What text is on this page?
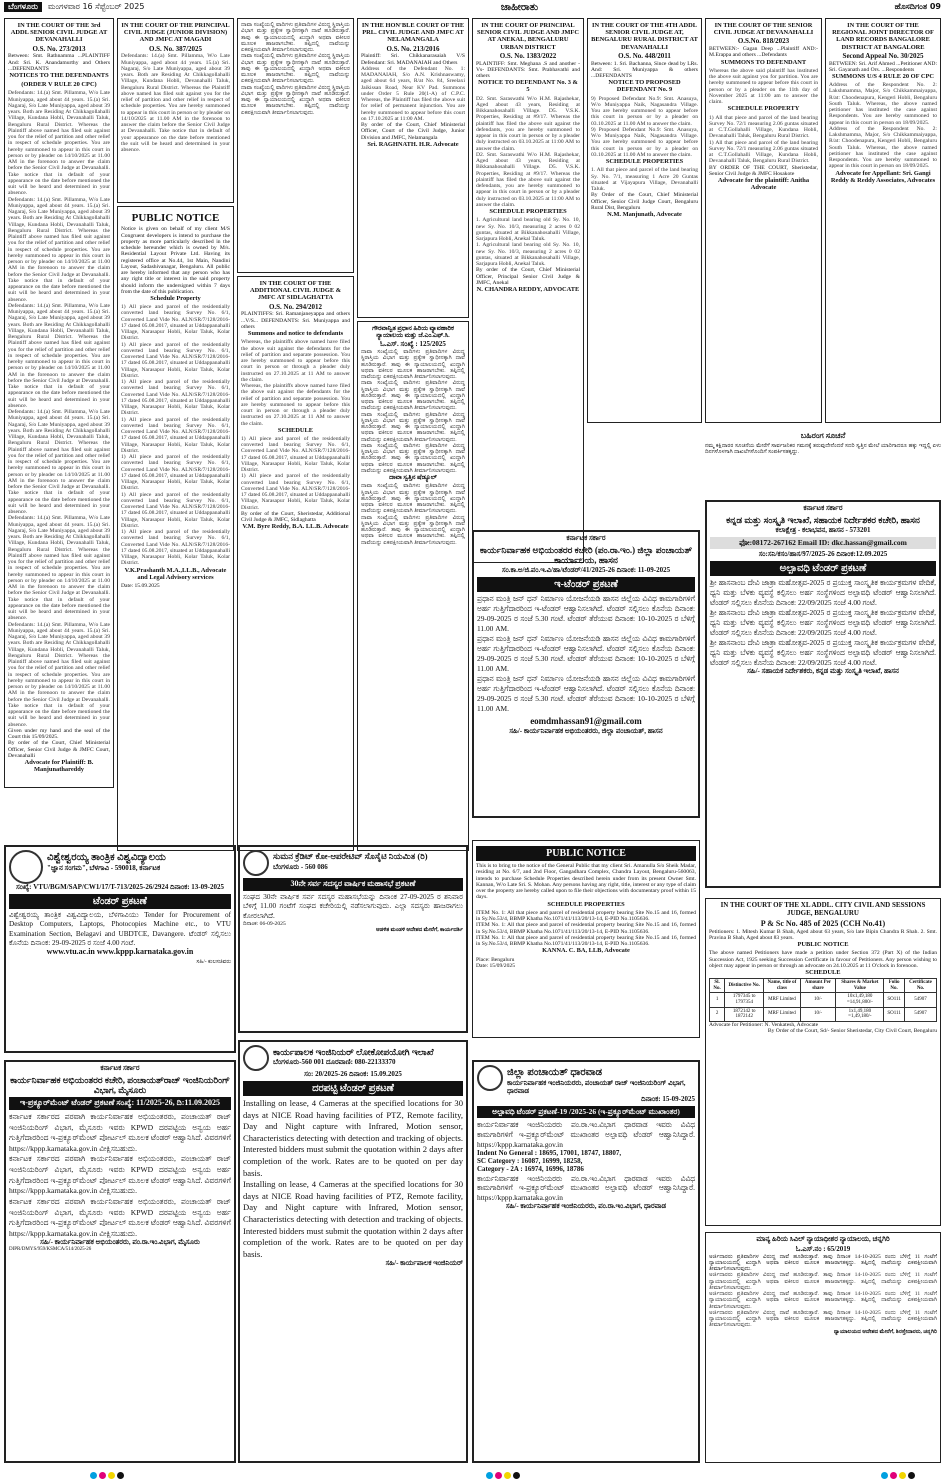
ಬೆಂಗಳೂರು	ಮಂಗಳವಾರ 16 ಸೆಪ್ಟೆಂಬರ್ 2025	ಜಾಹೀರಾತು	ಹೊಸದಿಗಂತ 09
IN THE COURT OF THE 3rd ADDL SENIOR CIVIL JUDGE AT DEVANAHALLI
O.S. No. 273/2013
Between: Smt. Rathnamma ...PLAINTIFF And: Sri. K. Anandamurthy and Others ...DEFENDANTS
NOTICES TO THE DEFENDANTS
(ORDER V RULE 20 CPC)
Defendants: 14.(a) Smt. Pillamma, W/o Late Muniyappa, aged about 44 years. 15.(a) Sri. Nagaraj, S/o Late Muniyappa, aged about 39 years. Both are Residing At Chikkagollahalli Village, Kundana Hobli, Devanahalli Taluk, Bengaluru Rural District. Whereas the Plaintiff above named has filed suit against you for the relief of partition and other relief in respect of schedule properties. You are hereby summoned to appear in this court in person or by pleader on 14/10/2025 at 11.00 AM in the forenoon to answer the claim before the Senior Civil Judge at Devanahalli. Take notice that in default of your appearance on the date before mentioned the suit will be heard and determined in your absence.
Defendants: 14.(a) Smt. Pillamma, W/o Late Muniyappa, aged about 44 years. 15.(a) Sri. Nagaraj, S/o Late Muniyappa, aged about 39 years. Both are Residing At Chikkagollahalli Village, Kundana Hobli, Devanahalli Taluk, Bengaluru Rural District. Whereas the Plaintiff above named has filed suit against you for the relief of partition and other relief in respect of schedule properties. You are hereby summoned to appear in this court in person or by pleader on 14/10/2025 at 11.00 AM in the forenoon to answer the claim before the Senior Civil Judge at Devanahalli. Take notice that in default of your appearance on the date before mentioned the suit will be heard and determined in your absence.
Defendants: 14.(a) Smt. Pillamma, W/o Late Muniyappa, aged about 44 years. 15.(a) Sri. Nagaraj, S/o Late Muniyappa, aged about 39 years. Both are Residing At Chikkagollahalli Village, Kundana Hobli, Devanahalli Taluk, Bengaluru Rural District. Whereas the Plaintiff above named has filed suit against you for the relief of partition and other relief in respect of schedule properties. You are hereby summoned to appear in this court in person or by pleader on 14/10/2025 at 11.00 AM in the forenoon to answer the claim before the Senior Civil Judge at Devanahalli. Take notice that in default of your appearance on the date before mentioned the suit will be heard and determined in your absence.
Defendants: 14.(a) Smt. Pillamma, W/o Late Muniyappa, aged about 44 years. 15.(a) Sri. Nagaraj, S/o Late Muniyappa, aged about 39 years. Both are Residing At Chikkagollahalli Village, Kundana Hobli, Devanahalli Taluk, Bengaluru Rural District. Whereas the Plaintiff above named has filed suit against you for the relief of partition and other relief in respect of schedule properties. You are hereby summoned to appear in this court in person or by pleader on 14/10/2025 at 11.00 AM in the forenoon to answer the claim before the Senior Civil Judge at Devanahalli. Take notice that in default of your appearance on the date before mentioned the suit will be heard and determined in your absence.
Defendants: 14.(a) Smt. Pillamma, W/o Late Muniyappa, aged about 44 years. 15.(a) Sri. Nagaraj, S/o Late Muniyappa, aged about 39 years. Both are Residing At Chikkagollahalli Village, Kundana Hobli, Devanahalli Taluk, Bengaluru Rural District. Whereas the Plaintiff above named has filed suit against you for the relief of partition and other relief in respect of schedule properties. You are hereby summoned to appear in this court in person or by pleader on 14/10/2025 at 11.00 AM in the forenoon to answer the claim before the Senior Civil Judge at Devanahalli. Take notice that in default of your appearance on the date before mentioned the suit will be heard and determined in your absence.
Defendants: 14.(a) Smt. Pillamma, W/o Late Muniyappa, aged about 44 years. 15.(a) Sri. Nagaraj, S/o Late Muniyappa, aged about 39 years. Both are Residing At Chikkagollahalli Village, Kundana Hobli, Devanahalli Taluk, Bengaluru Rural District. Whereas the Plaintiff above named has filed suit against you for the relief of partition and other relief in respect of schedule properties. You are hereby summoned to appear in this court in person or by pleader on 14/10/2025 at 11.00 AM in the forenoon to answer the claim before the Senior Civil Judge at Devanahalli. Take notice that in default of your appearance on the date before mentioned the suit will be heard and determined in your absence.
Given under my hand and the seal of the Court this 15/09/2025.
By order of the Court, Chief Ministerial Officer, Senior Civil Judge & JMFC Court, Devanahalli
Advocate for Plaintiff: B. Manjunathareddy
IN THE COURT OF THE PRINCIPAL CIVIL JUDGE (JUNIOR DIVISION) AND JMFC AT MAGADI
O.S. No. 387/2025
Defendants: 14.(a) Smt. Pillamma, W/o Late Muniyappa, aged about 44 years. 15.(a) Sri. Nagaraj, S/o Late Muniyappa, aged about 39 years. Both are Residing At Chikkagollahalli Village, Kundana Hobli, Devanahalli Taluk, Bengaluru Rural District. Whereas the Plaintiff above named has filed suit against you for the relief of partition and other relief in respect of schedule properties. You are hereby summoned to appear in this court in person or by pleader on 14/10/2025 at 11.00 AM in the forenoon to answer the claim before the Senior Civil Judge at Devanahalli. Take notice that in default of your appearance on the date before mentioned the suit will be heard and determined in your absence.
PUBLIC NOTICE
Notice is given on behalf of my client M/S Congruent developers is intend to purchase the property as more particularly described in the schedule hereunder which is owned by M/s. Residential Layout Private Ltd. Having its registered office at No.44, 1st Main, Nandini Layout, Sadashivanagar, Bengaluru. All public are hereby informed that any person who has any right title or interest in the said property should inform the undersigned within 7 days from the date of this publication.
Schedule Property
1) All piece and parcel of the residentially converted land bearing Survey No. 6/1, Converted Land Vide No. ALN/SR/7/128/2016-17 dated 05.08.2017, situated at Uddappanahalli Village, Narasapur Hobli, Kolar Taluk, Kolar District.
1) All piece and parcel of the residentially converted land bearing Survey No. 6/1, Converted Land Vide No. ALN/SR/7/128/2016-17 dated 05.08.2017, situated at Uddappanahalli Village, Narasapur Hobli, Kolar Taluk, Kolar District.
1) All piece and parcel of the residentially converted land bearing Survey No. 6/1, Converted Land Vide No. ALN/SR/7/128/2016-17 dated 05.08.2017, situated at Uddappanahalli Village, Narasapur Hobli, Kolar Taluk, Kolar District.
1) All piece and parcel of the residentially converted land bearing Survey No. 6/1, Converted Land Vide No. ALN/SR/7/128/2016-17 dated 05.08.2017, situated at Uddappanahalli Village, Narasapur Hobli, Kolar Taluk, Kolar District.
1) All piece and parcel of the residentially converted land bearing Survey No. 6/1, Converted Land Vide No. ALN/SR/7/128/2016-17 dated 05.08.2017, situated at Uddappanahalli Village, Narasapur Hobli, Kolar Taluk, Kolar District.
1) All piece and parcel of the residentially converted land bearing Survey No. 6/1, Converted Land Vide No. ALN/SR/7/128/2016-17 dated 05.08.2017, situated at Uddappanahalli Village, Narasapur Hobli, Kolar Taluk, Kolar District.
1) All piece and parcel of the residentially converted land bearing Survey No. 6/1, Converted Land Vide No. ALN/SR/7/128/2016-17 dated 05.08.2017, situated at Uddappanahalli Village, Narasapur Hobli, Kolar Taluk, Kolar District.
V.K.Prashanth M.A.,LL.B., Advocate and Legal Advisory services
Date: 15.09.2025
ದಾವಾ ಸಂಖ್ಯೆಯಲ್ಲಿ ವಾದಿಗಳು ಪ್ರತಿವಾದಿಗಳ ವಿರುದ್ಧ ಸ್ಥಿರಾಸ್ತಿಯ ವಿಭಾಗ ಮತ್ತು ಪ್ರತ್ಯೇಕ ಸ್ವಾಧೀನಕ್ಕಾಗಿ ದಾವೆ ಹೂಡಿರುತ್ತಾರೆ. ತಾವು ಈ ನ್ಯಾಯಾಲಯದಲ್ಲಿ ಖುದ್ದಾಗಿ ಅಥವಾ ವಕೀಲರ ಮೂಲಕ ಹಾಜರಾಗಬೇಕು. ತಪ್ಪಿದಲ್ಲಿ ದಾವೆಯನ್ನು ಏಕಪಕ್ಷೀಯವಾಗಿ ತೀರ್ಮಾನಿಸಲಾಗುವುದು.
ದಾವಾ ಸಂಖ್ಯೆಯಲ್ಲಿ ವಾದಿಗಳು ಪ್ರತಿವಾದಿಗಳ ವಿರುದ್ಧ ಸ್ಥಿರಾಸ್ತಿಯ ವಿಭಾಗ ಮತ್ತು ಪ್ರತ್ಯೇಕ ಸ್ವಾಧೀನಕ್ಕಾಗಿ ದಾವೆ ಹೂಡಿರುತ್ತಾರೆ. ತಾವು ಈ ನ್ಯಾಯಾಲಯದಲ್ಲಿ ಖುದ್ದಾಗಿ ಅಥವಾ ವಕೀಲರ ಮೂಲಕ ಹಾಜರಾಗಬೇಕು. ತಪ್ಪಿದಲ್ಲಿ ದಾವೆಯನ್ನು ಏಕಪಕ್ಷೀಯವಾಗಿ ತೀರ್ಮಾನಿಸಲಾಗುವುದು.
ದಾವಾ ಸಂಖ್ಯೆಯಲ್ಲಿ ವಾದಿಗಳು ಪ್ರತಿವಾದಿಗಳ ವಿರುದ್ಧ ಸ್ಥಿರಾಸ್ತಿಯ ವಿಭಾಗ ಮತ್ತು ಪ್ರತ್ಯೇಕ ಸ್ವಾಧೀನಕ್ಕಾಗಿ ದಾವೆ ಹೂಡಿರುತ್ತಾರೆ. ತಾವು ಈ ನ್ಯಾಯಾಲಯದಲ್ಲಿ ಖುದ್ದಾಗಿ ಅಥವಾ ವಕೀಲರ ಮೂಲಕ ಹಾಜರಾಗಬೇಕು. ತಪ್ಪಿದಲ್ಲಿ ದಾವೆಯನ್ನು ಏಕಪಕ್ಷೀಯವಾಗಿ ತೀರ್ಮಾನಿಸಲಾಗುವುದು.
IN THE COURT OF THE ADDITIONAL CIVIL JUDGE & JMFC AT SIDLAGHATTA
O.S. No. 294/2012
PLAINTIFFS: Sri. Ramanjaneyappa and others ...V/S... DEFENDANTS: Sri. Muniyappa and others
Summons and notice to defendants
Whereas, the plaintiffs above named have filed the above suit against the defendants for the relief of partition and separate possession. You are hereby summoned to appear before this court in person or through a pleader duly instructed on 27.10.2025 at 11 AM to answer the claim.
Whereas, the plaintiffs above named have filed the above suit against the defendants for the relief of partition and separate possession. You are hereby summoned to appear before this court in person or through a pleader duly instructed on 27.10.2025 at 11 AM to answer the claim.
SCHEDULE
1) All piece and parcel of the residentially converted land bearing Survey No. 6/1, Converted Land Vide No. ALN/SR/7/128/2016-17 dated 05.08.2017, situated at Uddappanahalli Village, Narasapur Hobli, Kolar Taluk, Kolar District.
1) All piece and parcel of the residentially converted land bearing Survey No. 6/1, Converted Land Vide No. ALN/SR/7/128/2016-17 dated 05.08.2017, situated at Uddappanahalli Village, Narasapur Hobli, Kolar Taluk, Kolar District.
By order of the Court, Sheristedar, Additional Civil Judge & JMFC, Sidlaghatta
V.M. Byre Reddy, B.A. LL.B. Advocate
IN THE HON'BLE COURT OF THE PRL. CIVIL JUDGE AND JMFC AT NELAMANGALA
O.S. No. 213/2016
Plaintiff: Sri. Chikkanarasaiah V/S Defendant: Sri. MADANAIAH and Others
Address of the Defendant No. 1: MADANAIAH, S/o A.N. Krishnaswamy, aged about 64 years, R/at No. 84, Sreelaxi Jaikissan Road, Near KV Pad. Summons under Order 5 Rule 20(1-A) of C.P.C. Whereas, the Plaintiff has filed the above suit for relief of permanent injunction. You are hereby summoned to appear before this court on 17.10.2025 at 11:00 AM.
By order of the Court, Chief Ministerial Officer, Court of the Civil Judge, Junior Division and JMFC, Nelamangala
Sri. RAGHNATH. H.R. Advocate
ಗೌರವಾನ್ವಿತ ಪ್ರಧಾನ ಹಿರಿಯ ವ್ಯಾವಹಾರಿಕ ನ್ಯಾಯಾಲಯ ಮತ್ತು ಜೆ.ಎಂ.ಎಫ್.ಸಿ.
ಓ.ಎಸ್. ಸಂಖ್ಯೆ : 125/2025
ದಾವಾ ಸಂಖ್ಯೆಯಲ್ಲಿ ವಾದಿಗಳು ಪ್ರತಿವಾದಿಗಳ ವಿರುದ್ಧ ಸ್ಥಿರಾಸ್ತಿಯ ವಿಭಾಗ ಮತ್ತು ಪ್ರತ್ಯೇಕ ಸ್ವಾಧೀನಕ್ಕಾಗಿ ದಾವೆ ಹೂಡಿರುತ್ತಾರೆ. ತಾವು ಈ ನ್ಯಾಯಾಲಯದಲ್ಲಿ ಖುದ್ದಾಗಿ ಅಥವಾ ವಕೀಲರ ಮೂಲಕ ಹಾಜರಾಗಬೇಕು. ತಪ್ಪಿದಲ್ಲಿ ದಾವೆಯನ್ನು ಏಕಪಕ್ಷೀಯವಾಗಿ ತೀರ್ಮಾನಿಸಲಾಗುವುದು.
ದಾವಾ ಸಂಖ್ಯೆಯಲ್ಲಿ ವಾದಿಗಳು ಪ್ರತಿವಾದಿಗಳ ವಿರುದ್ಧ ಸ್ಥಿರಾಸ್ತಿಯ ವಿಭಾಗ ಮತ್ತು ಪ್ರತ್ಯೇಕ ಸ್ವಾಧೀನಕ್ಕಾಗಿ ದಾವೆ ಹೂಡಿರುತ್ತಾರೆ. ತಾವು ಈ ನ್ಯಾಯಾಲಯದಲ್ಲಿ ಖುದ್ದಾಗಿ ಅಥವಾ ವಕೀಲರ ಮೂಲಕ ಹಾಜರಾಗಬೇಕು. ತಪ್ಪಿದಲ್ಲಿ ದಾವೆಯನ್ನು ಏಕಪಕ್ಷೀಯವಾಗಿ ತೀರ್ಮಾನಿಸಲಾಗುವುದು.
ದಾವಾ ಸಂಖ್ಯೆಯಲ್ಲಿ ವಾದಿಗಳು ಪ್ರತಿವಾದಿಗಳ ವಿರುದ್ಧ ಸ್ಥಿರಾಸ್ತಿಯ ವಿಭಾಗ ಮತ್ತು ಪ್ರತ್ಯೇಕ ಸ್ವಾಧೀನಕ್ಕಾಗಿ ದಾವೆ ಹೂಡಿರುತ್ತಾರೆ. ತಾವು ಈ ನ್ಯಾಯಾಲಯದಲ್ಲಿ ಖುದ್ದಾಗಿ ಅಥವಾ ವಕೀಲರ ಮೂಲಕ ಹಾಜರಾಗಬೇಕು. ತಪ್ಪಿದಲ್ಲಿ ದಾವೆಯನ್ನು ಏಕಪಕ್ಷೀಯವಾಗಿ ತೀರ್ಮಾನಿಸಲಾಗುವುದು.
ದಾವಾ ಸಂಖ್ಯೆಯಲ್ಲಿ ವಾದಿಗಳು ಪ್ರತಿವಾದಿಗಳ ವಿರುದ್ಧ ಸ್ಥಿರಾಸ್ತಿಯ ವಿಭಾಗ ಮತ್ತು ಪ್ರತ್ಯೇಕ ಸ್ವಾಧೀನಕ್ಕಾಗಿ ದಾವೆ ಹೂಡಿರುತ್ತಾರೆ. ತಾವು ಈ ನ್ಯಾಯಾಲಯದಲ್ಲಿ ಖುದ್ದಾಗಿ ಅಥವಾ ವಕೀಲರ ಮೂಲಕ ಹಾಜರಾಗಬೇಕು. ತಪ್ಪಿದಲ್ಲಿ ದಾವೆಯನ್ನು ಏಕಪಕ್ಷೀಯವಾಗಿ ತೀರ್ಮಾನಿಸಲಾಗುವುದು.
ದಾವಾ ಸ್ವತ್ತಿನ ಷೆಡ್ಯೂಲ್
ದಾವಾ ಸಂಖ್ಯೆಯಲ್ಲಿ ವಾದಿಗಳು ಪ್ರತಿವಾದಿಗಳ ವಿರುದ್ಧ ಸ್ಥಿರಾಸ್ತಿಯ ವಿಭಾಗ ಮತ್ತು ಪ್ರತ್ಯೇಕ ಸ್ವಾಧೀನಕ್ಕಾಗಿ ದಾವೆ ಹೂಡಿರುತ್ತಾರೆ. ತಾವು ಈ ನ್ಯಾಯಾಲಯದಲ್ಲಿ ಖುದ್ದಾಗಿ ಅಥವಾ ವಕೀಲರ ಮೂಲಕ ಹಾಜರಾಗಬೇಕು. ತಪ್ಪಿದಲ್ಲಿ ದಾವೆಯನ್ನು ಏಕಪಕ್ಷೀಯವಾಗಿ ತೀರ್ಮಾನಿಸಲಾಗುವುದು.
ದಾವಾ ಸಂಖ್ಯೆಯಲ್ಲಿ ವಾದಿಗಳು ಪ್ರತಿವಾದಿಗಳ ವಿರುದ್ಧ ಸ್ಥಿರಾಸ್ತಿಯ ವಿಭಾಗ ಮತ್ತು ಪ್ರತ್ಯೇಕ ಸ್ವಾಧೀನಕ್ಕಾಗಿ ದಾವೆ ಹೂಡಿರುತ್ತಾರೆ. ತಾವು ಈ ನ್ಯಾಯಾಲಯದಲ್ಲಿ ಖುದ್ದಾಗಿ ಅಥವಾ ವಕೀಲರ ಮೂಲಕ ಹಾಜರಾಗಬೇಕು. ತಪ್ಪಿದಲ್ಲಿ ದಾವೆಯನ್ನು ಏಕಪಕ್ಷೀಯವಾಗಿ ತೀರ್ಮಾನಿಸಲಾಗುವುದು.
IN THE COURT OF PRINCIPAL SENIOR CIVIL JUDGE AND JMFC AT ANEKAL, BENGALURU URBAN DISTRICT
O.S. No. 1383/2022
PLAINTIFF: Smt. Meghana .S and another -Vs- DEFENDANTS: Smt. Prabhavathi and others
NOTICE TO DEFENDANT No. 3 & 5
D2. Smt. Saraswathi W/o H.M. Rajashekar, Aged about 43 years, Residing at Bikkanahosahalli Village. D5. V.S.K. Properties, Residing at #9/17. Whereas the plaintiff has filed the above suit against the defendants, you are hereby summoned to appear in this court in person or by a pleader duly instructed on 03.10.2025 at 11:00 AM to answer the claim.
D2. Smt. Saraswathi W/o H.M. Rajashekar, Aged about 43 years, Residing at Bikkanahosahalli Village. D5. V.S.K. Properties, Residing at #9/17. Whereas the plaintiff has filed the above suit against the defendants, you are hereby summoned to appear in this court in person or by a pleader duly instructed on 03.10.2025 at 11:00 AM to answer the claim.
SCHEDULE PROPERTIES
1. Agricultural land bearing old Sy. No. 10, new Sy. No. 10/3, measuring 2 acres 0 02 guntas, situated at Bikkanahosahalli Village, Sarjapura Hobli, Anekal Taluk.
1. Agricultural land bearing old Sy. No. 10, new Sy. No. 10/3, measuring 2 acres 0 02 guntas, situated at Bikkanahosahalli Village, Sarjapura Hobli, Anekal Taluk.
By order of the Court, Chief Ministerial Officer, Principal Senior Civil Judge & JMFC, Anekal
N. CHANDRA REDDY, ADVOCATE
IN THE COURT OF THE 4TH ADDL SENIOR CIVIL JUDGE AT, BENGALURU RURAL DISTRICT AT DEVANAHALLI
O.S. No. 448/2011
Between: 1. Sri. Bachanna, Since dead by LRs. And: Sri. Muniyappa & others ...DEFENDANTS
NOTICE TO PROPOSED DEFENDANT No. 9
9) Proposed Defendant No.9: Smt. Anasuya, W/o Muniyappa Naik, Nagasandra Village. You are hereby summoned to appear before this court in person or by a pleader on 03.10.2025 at 11.00 AM to answer the claim.
9) Proposed Defendant No.9: Smt. Anasuya, W/o Muniyappa Naik, Nagasandra Village. You are hereby summoned to appear before this court in person or by a pleader on 03.10.2025 at 11.00 AM to answer the claim.
SCHEDULE PROPERTIES
1. All that piece and parcel of the land bearing Sy. No. 7/1, measuring 1 Acre 20 Guntas situated at Vijayapura Village, Devanahalli Taluk.
By Order of the Court, Chief Ministerial Officer, Senior Civil Judge Court, Bengaluru Rural Dist, Bengaluru
N.M. Manjunath, Advocate
IN THE COURT OF THE SENIOR CIVIL JUDGE AT DEVANAHALLI
O.S.No. 818/2023
BETWEEN:- Gagan Deep ...Plaintiff AND:- M.Erappa and others ...Defendants
SUMMONS TO DEFENDANT
Whereas the above said plaintiff has instituted the above suit against you for partition. You are hereby summoned to appear before this court in person or by a pleader on the 11th day of November 2025 at 11:00 am to answer the claim.
SCHEDULE PROPERTY
1) All that piece and parcel of the land bearing Survey No. 72/1 measuring 2.06 guntas situated at C.T.Gollahalli Village, Kundana Hobli, Devanahalli Taluk, Bengaluru Rural District.
1) All that piece and parcel of the land bearing Survey No. 72/1 measuring 2.06 guntas situated at C.T.Gollahalli Village, Kundana Hobli, Devanahalli Taluk, Bengaluru Rural District.
BY ORDER OF THE COURT, Sheristedar, Senior Civil Judge & JMFC Hosakote
Advocate for the plaintiff: Anitha Advocate
IN THE COURT OF THE REGIONAL JOINT DIRECTOR OF LAND RECORDS BANGALORE DISTRICT AT BANGALORE
Second Appeal No. 30/2025
BETWEEN: Sri. Arif Ahmed ...Petitioner AND: Sri. Gayanath and Ors. ...Respondents
SUMMONS U/S 4 RULE 20 OF CPC
Address of the Respondent No. 2: Lakshmamma, Major, S/o Chikkammaiyappa, R/at: Choodenapura, Kengeri Hobli, Bengaluru South Taluk. Whereas, the above named petitioner has instituted the case against Respondents. You are hereby summoned to appear in this court in person on 18/09/2025.
Address of the Respondent No. 2: Lakshmamma, Major, S/o Chikkammaiyappa, R/at: Choodenapura, Kengeri Hobli, Bengaluru South Taluk. Whereas, the above named petitioner has instituted the case against Respondents. You are hereby summoned to appear in this court in person on 18/09/2025.
Advocate for Appellant: Sri. Gangi Reddy & Reddy Associates, Advocates
ಬಹಿರಂಗ ಸೂಚನೆ
ನಮ್ಮ ಕಕ್ಷಿದಾರರ ಸೂಚನೆಯ ಮೇರೆಗೆ ಸಾರ್ವಜನಿಕರ ಗಮನಕ್ಕೆ ತರುವುದೇನೆಂದರೆ ಸದರಿ ಸ್ವತ್ತಿನ ಮೇಲೆ ಯಾರಿಗಾದರೂ ಹಕ್ಕು ಇದ್ದಲ್ಲಿ ಏಳು ದಿನಗಳೊಳಗಾಗಿ ದಾಖಲೆಗಳೊಂದಿಗೆ ಸಂಪರ್ಕಿಸತಕ್ಕದ್ದು.
ಕರ್ನಾಟಕ ಸರ್ಕಾರ
ಕಾರ್ಯನಿರ್ವಾಹಕ ಅಭಿಯಂತರರ ಕಚೇರಿ (ಪಂ.ರಾ.ಇಂ.) ಜಿಲ್ಲಾ ಪಂಚಾಯತ್ ಕಾರ್ಯಾಲಯ, ಹಾಸನ
ಸಂ.ಕಾ.ಅ/ಜಿ.ಪಂ.ಇ.ವಿ/ಹಾ/ಟೆಂಡರ್/41/2025-26 ದಿನಾಂಕ: 11-09-2025
ಇ-ಟೆಂಡರ್ ಪ್ರಕಟಣೆ
ಪ್ರಧಾನ ಮಂತ್ರಿ ಜನ್ ಧನ್ ನಿರ್ಮಾಣ ಯೋಜನೆಯಡಿ ಹಾಸನ ಜಿಲ್ಲೆಯ ವಿವಿಧ ಕಾಮಗಾರಿಗಳಿಗೆ ಅರ್ಹ ಗುತ್ತಿಗೆದಾರರಿಂದ ಇ-ಟೆಂಡರ್ ಆಹ್ವಾನಿಸಲಾಗಿದೆ. ಟೆಂಡರ್ ಸಲ್ಲಿಸಲು ಕೊನೆಯ ದಿನಾಂಕ: 29-09-2025 ರ ಸಂಜೆ 5.30 ಗಂಟೆ. ಟೆಂಡರ್ ತೆರೆಯುವ ದಿನಾಂಕ: 10-10-2025 ರ ಬೆಳಿಗ್ಗೆ 11.00 AM.
ಪ್ರಧಾನ ಮಂತ್ರಿ ಜನ್ ಧನ್ ನಿರ್ಮಾಣ ಯೋಜನೆಯಡಿ ಹಾಸನ ಜಿಲ್ಲೆಯ ವಿವಿಧ ಕಾಮಗಾರಿಗಳಿಗೆ ಅರ್ಹ ಗುತ್ತಿಗೆದಾರರಿಂದ ಇ-ಟೆಂಡರ್ ಆಹ್ವಾನಿಸಲಾಗಿದೆ. ಟೆಂಡರ್ ಸಲ್ಲಿಸಲು ಕೊನೆಯ ದಿನಾಂಕ: 29-09-2025 ರ ಸಂಜೆ 5.30 ಗಂಟೆ. ಟೆಂಡರ್ ತೆರೆಯುವ ದಿನಾಂಕ: 10-10-2025 ರ ಬೆಳಿಗ್ಗೆ 11.00 AM.
ಪ್ರಧಾನ ಮಂತ್ರಿ ಜನ್ ಧನ್ ನಿರ್ಮಾಣ ಯೋಜನೆಯಡಿ ಹಾಸನ ಜಿಲ್ಲೆಯ ವಿವಿಧ ಕಾಮಗಾರಿಗಳಿಗೆ ಅರ್ಹ ಗುತ್ತಿಗೆದಾರರಿಂದ ಇ-ಟೆಂಡರ್ ಆಹ್ವಾನಿಸಲಾಗಿದೆ. ಟೆಂಡರ್ ಸಲ್ಲಿಸಲು ಕೊನೆಯ ದಿನಾಂಕ: 29-09-2025 ರ ಸಂಜೆ 5.30 ಗಂಟೆ. ಟೆಂಡರ್ ತೆರೆಯುವ ದಿನಾಂಕ: 10-10-2025 ರ ಬೆಳಿಗ್ಗೆ 11.00 AM.
eomdmhassan91@gmail.com
ಸಹಿ/- ಕಾರ್ಯನಿರ್ವಾಹಕ ಅಭಿಯಂತರರು, ಜಿಲ್ಲಾ ಪಂಚಾಯತ್, ಹಾಸನ
ಕರ್ನಾಟಕ ಸರ್ಕಾರ
ಕನ್ನಡ ಮತ್ತು ಸಂಸ್ಕೃತಿ ಇಲಾಖೆ, ಸಹಾಯಕ ನಿರ್ದೇಶಕರ ಕಚೇರಿ, ಹಾಸನ
ಕಲಾಕ್ಷೇತ್ರ - ಕಲಾಭವನ, ಹಾಸನ - 573201
ಫೋ:08172-267162 Email ID: dkc.hassan@gmail.com
ಸಂ:ಸನಿ/ಕಸಂ/ಹಾಸ/97/2025-26 ದಿನಾಂಕ:12.09.2025
ಅಲ್ಪಾವಧಿ ಟೆಂಡರ್ ಪ್ರಕಟಣೆ
ಶ್ರೀ ಹಾಸನಾಂಬ ದೇವಿ ಜಾತ್ರಾ ಮಹೋತ್ಸವ-2025 ರ ಪ್ರಯುಕ್ತ ಸಾಂಸ್ಕೃತಿಕ ಕಾರ್ಯಕ್ರಮಗಳ ವೇದಿಕೆ, ಧ್ವನಿ ಮತ್ತು ಬೆಳಕು ವ್ಯವಸ್ಥೆ ಕಲ್ಪಿಸಲು ಅರ್ಹ ಸಂಸ್ಥೆಗಳಿಂದ ಅಲ್ಪಾವಧಿ ಟೆಂಡರ್ ಆಹ್ವಾನಿಸಲಾಗಿದೆ. ಟೆಂಡರ್ ಸಲ್ಲಿಸಲು ಕೊನೆಯ ದಿನಾಂಕ: 22/09/2025 ಸಂಜೆ 4.00 ಗಂಟೆ.
ಶ್ರೀ ಹಾಸನಾಂಬ ದೇವಿ ಜಾತ್ರಾ ಮಹೋತ್ಸವ-2025 ರ ಪ್ರಯುಕ್ತ ಸಾಂಸ್ಕೃತಿಕ ಕಾರ್ಯಕ್ರಮಗಳ ವೇದಿಕೆ, ಧ್ವನಿ ಮತ್ತು ಬೆಳಕು ವ್ಯವಸ್ಥೆ ಕಲ್ಪಿಸಲು ಅರ್ಹ ಸಂಸ್ಥೆಗಳಿಂದ ಅಲ್ಪಾವಧಿ ಟೆಂಡರ್ ಆಹ್ವಾನಿಸಲಾಗಿದೆ. ಟೆಂಡರ್ ಸಲ್ಲಿಸಲು ಕೊನೆಯ ದಿನಾಂಕ: 22/09/2025 ಸಂಜೆ 4.00 ಗಂಟೆ.
ಶ್ರೀ ಹಾಸನಾಂಬ ದೇವಿ ಜಾತ್ರಾ ಮಹೋತ್ಸವ-2025 ರ ಪ್ರಯುಕ್ತ ಸಾಂಸ್ಕೃತಿಕ ಕಾರ್ಯಕ್ರಮಗಳ ವೇದಿಕೆ, ಧ್ವನಿ ಮತ್ತು ಬೆಳಕು ವ್ಯವಸ್ಥೆ ಕಲ್ಪಿಸಲು ಅರ್ಹ ಸಂಸ್ಥೆಗಳಿಂದ ಅಲ್ಪಾವಧಿ ಟೆಂಡರ್ ಆಹ್ವಾನಿಸಲಾಗಿದೆ. ಟೆಂಡರ್ ಸಲ್ಲಿಸಲು ಕೊನೆಯ ದಿನಾಂಕ: 22/09/2025 ಸಂಜೆ 4.00 ಗಂಟೆ.
ಸಹಿ/- ಸಹಾಯಕ ನಿರ್ದೇಶಕರು, ಕನ್ನಡ ಮತ್ತು ಸಂಸ್ಕೃತಿ ಇಲಾಖೆ, ಹಾಸನ
PUBLIC NOTICE
This is to bring to the notice of the General Public that my client Sri. Amanulla S/o Sheik Madar, residing at No. 6/7, and 2nd Floor, Gangadhara Complex, Chandra Layout, Bengaluru-560063, intends to purchase Schedule Properties described herein under from its present Owner Smt. Kannan, W/o Late Sri. S. Mohan. Any persons having any right, title, interest or any type of claim over the property are hereby called upon to file their objections with documentary proof within 15 days.
SCHEDULE PROPERTIES
ITEM No. 1: All that piece and parcel of residential property bearing Site No.15 and 16, formed in Sy.No.53/4, BBMP Khatha No.1071/41/113/20/13-14, E-PID No.1105636.
ITEM No. 1: All that piece and parcel of residential property bearing Site No.15 and 16, formed in Sy.No.53/4, BBMP Khatha No.1071/41/113/20/13-14, E-PID No.1105636.
ITEM No. 1: All that piece and parcel of residential property bearing Site No.15 and 16, formed in Sy.No.53/4, BBMP Khatha No.1071/41/113/20/13-14, E-PID No.1105636.
KANNA. C. BA, LLB, Advocate
Place: Bengaluru
Date: 15/09/2025
ವಿಶ್ವೇಶ್ವರಯ್ಯ ತಾಂತ್ರಿಕ ವಿಶ್ವವಿದ್ಯಾಲಯ
"ಜ್ಞಾನ ಸಂಗಮ", ಬೆಳಗಾವಿ - 590018, ಕರ್ನಾಟಕ
ಸಂಖ್ಯೆ: VTU/BGM/SAP/CW1/17/T-713/2025-26/2924 ದಿನಾಂಕ: 13-09-2025
ಟೆಂಡರ್ ಪ್ರಕಟಣೆ
ವಿಶ್ವೇಶ್ವರಯ್ಯ ತಾಂತ್ರಿಕ ವಿಶ್ವವಿದ್ಯಾಲಯ, ಬೆಳಗಾವಿಯು Tender for Procurement of Desktop Computers, Laptops, Photocopies Machine etc., to VTU Examination Section, Belagavi and UBDTCE, Davangere. ಟೆಂಡರ್ ಸಲ್ಲಿಸಲು ಕೊನೆಯ ದಿನಾಂಕ: 29-09-2025 ರ ಸಂಜೆ 4.00 ಗಂಟೆ.
www.vtu.ac.in www.kppp.karnataka.gov.in
ಸಹಿ/- ಕುಲಸಚಿವರು
ಸುಮನ ಕ್ರೆಡಿಟ್ ಕೋ-ಆಪರೇಟಿವ್ ಸೊಸೈಟಿ ನಿಯಮಿತ (ರಿ)
ಬೆಂಗಳೂರು - 560 086
30ನೇ ಸರ್ವ ಸದಸ್ಯರ ವಾರ್ಷಿಕ ಮಹಾಸಭೆ ಪ್ರಕಟಣೆ
ಸಂಘದ 30ನೇ ವಾರ್ಷಿಕ ಸರ್ವ ಸದಸ್ಯರ ಮಹಾಸಭೆಯನ್ನು ದಿನಾಂಕ 27-09-2025 ರ ಶನಿವಾರ ಬೆಳಿಗ್ಗೆ 11.00 ಗಂಟೆಗೆ ಸಂಘದ ಕಚೇರಿಯಲ್ಲಿ ನಡೆಸಲಾಗುವುದು. ಎಲ್ಲಾ ಸದಸ್ಯರು ಹಾಜರಾಗಲು ಕೋರಲಾಗಿದೆ.
ದಿನಾಂಕ: 06-09-2025
ಆಡಳಿತ ಮಂಡಳಿ ಆದೇಶದ ಮೇರೆಗೆ, ಕಾರ್ಯದರ್ಶಿ
ಕಾರ್ಯಪಾಲಕ ಇಂಜಿನಿಯರ್ ಲೋಕೋಪಯೋಗಿ ಇಲಾಖೆ
ಬೆಂಗಳೂರು-560 001 ದೂರವಾಣಿ: 080-22133370
ಸಂ: 20/2025-26 ದಿನಾಂಕ: 15.09.2025
ದರಪಟ್ಟಿ ಟೆಂಡರ್ ಪ್ರಕಟಣೆ
Installing on lease, 4 Cameras at the specified locations for 30 days at NICE Road having facilities of PTZ, Remote facility, Day and Night capture with Infrared, Motion sensor, Characteristics detecting with detection and tracking of objects. Interested bidders must submit the quotation within 2 days after completion of the work. Rates are to be quoted on per day basis.
Installing on lease, 4 Cameras at the specified locations for 30 days at NICE Road having facilities of PTZ, Remote facility, Day and Night capture with Infrared, Motion sensor, Characteristics detecting with detection and tracking of objects. Interested bidders must submit the quotation within 2 days after completion of the work. Rates are to be quoted on per day basis.
ಸಹಿ/- ಕಾರ್ಯಪಾಲಕ ಇಂಜಿನಿಯರ್
ಕರ್ನಾಟಕ ಸರ್ಕಾರ
ಕಾರ್ಯನಿರ್ವಾಹಕ ಅಭಿಯಂತರರ ಕಚೇರಿ, ಪಂಚಾಯತ್‌ರಾಜ್ ಇಂಜಿನಿಯರಿಂಗ್ ವಿಭಾಗ, ಮೈಸೂರು
ಇ-ಪ್ರಕ್ಯೂರ್‌ಮೆಂಟ್ ಟೆಂಡರ್ ಪ್ರಕಟಣೆ ಸಂಖ್ಯೆ: 11/2025-26, ದಿ:11.09.2025
ಕರ್ನಾಟಕ ಸರ್ಕಾರದ ಪರವಾಗಿ ಕಾರ್ಯನಿರ್ವಾಹಕ ಅಭಿಯಂತರರು, ಪಂಚಾಯತ್ ರಾಜ್ ಇಂಜಿನಿಯರಿಂಗ್ ವಿಭಾಗ, ಮೈಸೂರು ಇವರು KPWD ದರಪಟ್ಟಿಯ ಅನ್ವಯ ಅರ್ಹ ಗುತ್ತಿಗೆದಾರರಿಂದ ಇ-ಪ್ರಕ್ಯೂರ್‌ಮೆಂಟ್ ಪೋರ್ಟಲ್ ಮೂಲಕ ಟೆಂಡರ್ ಆಹ್ವಾನಿಸಿದೆ. ವಿವರಗಳಿಗೆ https://kppp.karnataka.gov.in ವೀಕ್ಷಿಸಬಹುದು.
ಕರ್ನಾಟಕ ಸರ್ಕಾರದ ಪರವಾಗಿ ಕಾರ್ಯನಿರ್ವಾಹಕ ಅಭಿಯಂತರರು, ಪಂಚಾಯತ್ ರಾಜ್ ಇಂಜಿನಿಯರಿಂಗ್ ವಿಭಾಗ, ಮೈಸೂರು ಇವರು KPWD ದರಪಟ್ಟಿಯ ಅನ್ವಯ ಅರ್ಹ ಗುತ್ತಿಗೆದಾರರಿಂದ ಇ-ಪ್ರಕ್ಯೂರ್‌ಮೆಂಟ್ ಪೋರ್ಟಲ್ ಮೂಲಕ ಟೆಂಡರ್ ಆಹ್ವಾನಿಸಿದೆ. ವಿವರಗಳಿಗೆ https://kppp.karnataka.gov.in ವೀಕ್ಷಿಸಬಹುದು.
ಕರ್ನಾಟಕ ಸರ್ಕಾರದ ಪರವಾಗಿ ಕಾರ್ಯನಿರ್ವಾಹಕ ಅಭಿಯಂತರರು, ಪಂಚಾಯತ್ ರಾಜ್ ಇಂಜಿನಿಯರಿಂಗ್ ವಿಭಾಗ, ಮೈಸೂರು ಇವರು KPWD ದರಪಟ್ಟಿಯ ಅನ್ವಯ ಅರ್ಹ ಗುತ್ತಿಗೆದಾರರಿಂದ ಇ-ಪ್ರಕ್ಯೂರ್‌ಮೆಂಟ್ ಪೋರ್ಟಲ್ ಮೂಲಕ ಟೆಂಡರ್ ಆಹ್ವಾನಿಸಿದೆ. ವಿವರಗಳಿಗೆ https://kppp.karnataka.gov.in ವೀಕ್ಷಿಸಬಹುದು.
ಸಹಿ/- ಕಾರ್ಯನಿರ್ವಾಹಕ ಅಭಿಯಂತರರು, ಪಂ.ರಾ.ಇಂ.ವಿಭಾಗ, ಮೈಸೂರು
DIPR/DMYS/959/KSMCA/514/2025-26
ಜಿಲ್ಲಾ ಪಂಚಾಯತ್ ಧಾರವಾಡ
ಕಾರ್ಯನಿರ್ವಾಹಕ ಇಂಜಿನಿಯರರು, ಪಂಚಾಯತ್ ರಾಜ್ ಇಂಜಿನಿಯರಿಂಗ್ ವಿಭಾಗ, ಧಾರವಾಡ
ದಿನಾಂಕ: 15-09-2025
ಅಲ್ಪಾವಧಿ ಟೆಂಡರ್ ಪ್ರಕಟಣೆ-19 /2025-26 (ಇ-ಪ್ರಕ್ಯೂರ್‌ಮೆಂಟ್ ಮುಖಾಂತರ)
ಕಾರ್ಯನಿರ್ವಾಹಕ ಇಂಜಿನಿಯರರು ಪಂ.ರಾ.ಇಂ.ವಿಭಾಗ ಧಾರವಾಡ ಇವರು ವಿವಿಧ ಕಾಮಗಾರಿಗಳಿಗೆ ಇ-ಪ್ರಕ್ಯೂರ್‌ಮೆಂಟ್ ಮುಖಾಂತರ ಅಲ್ಪಾವಧಿ ಟೆಂಡರ್ ಆಹ್ವಾನಿಸಿದ್ದಾರೆ. https://kppp.karnataka.gov.in
Indent No General : 18695, 17001, 18747, 18807,
SC Category : 16087, 16999, 18258,
Category - 2A : 16974, 16996, 18786
ಕಾರ್ಯನಿರ್ವಾಹಕ ಇಂಜಿನಿಯರರು ಪಂ.ರಾ.ಇಂ.ವಿಭಾಗ ಧಾರವಾಡ ಇವರು ವಿವಿಧ ಕಾಮಗಾರಿಗಳಿಗೆ ಇ-ಪ್ರಕ್ಯೂರ್‌ಮೆಂಟ್ ಮುಖಾಂತರ ಅಲ್ಪಾವಧಿ ಟೆಂಡರ್ ಆಹ್ವಾನಿಸಿದ್ದಾರೆ. https://kppp.karnataka.gov.in
ಸಹಿ/- ಕಾರ್ಯನಿರ್ವಾಹಕ ಇಂಜಿನಿಯರರು, ಪಂ.ರಾ.ಇಂ.ವಿಭಾಗ, ಧಾರವಾಡ
IN THE COURT OF THE XL ADDL. CITY CIVIL AND SESSIONS JUDGE, BENGALURU
P & Sc No. 485 of 2025 (CCH No.41)
Petitioners: 1. Mitesh Kumar B Shah, Aged about 63 years, S/o late Bipin Chandra R Shah. 2. Smt. Pravina B Shah, Aged about 83 years.
PUBLIC NOTICE
The above named Petitioners have made a petition under Section 372 (Part X) of the Indian Succession Act, 1925 seeking Succession Certificate in favour of Petitioners. Any person wishing to object may appear in person or through an advocate on 24.10.2025 at 11 O'clock in forenoon.
SCHEDULE
Sl. No.	Distinctive No.	Name, title of class	Amount Per share	Shares & Market Value	Folio No.	Certificate No.
1	1797345 to 1797354	MRF Limited	10/-	10x1,49,180 =14,91,800/-	SO111	54907
2	1872142 to 1872142	MRF Limited	10/-	1x1,49,180 =1,49,180/-	SO111	54907
Advocate for Petitioner: N. Venkatesh, Advocate
By Order of the Court, Sd/- Senior Sheristedar, City Civil Court, Bengaluru
ಮಾನ್ಯ ಹಿರಿಯ ಸಿವಿಲ್ ನ್ಯಾಯಾಧೀಶರ ನ್ಯಾಯಾಲಯ, ಚನ್ನಗಿರಿ
ಓ.ಎಸ್.ನಂ : 65/2019
ಅರ್ಜಿದಾರರು ಪ್ರತಿವಾದಿಗಳ ವಿರುದ್ಧ ದಾವೆ ಹೂಡಿರುತ್ತಾರೆ. ತಾವು ದಿನಾಂಕ 14-10-2025 ರಂದು ಬೆಳಿಗ್ಗೆ 11 ಗಂಟೆಗೆ ನ್ಯಾಯಾಲಯದಲ್ಲಿ ಖುದ್ದಾಗಿ ಅಥವಾ ವಕೀಲರ ಮೂಲಕ ಹಾಜರಾಗತಕ್ಕದ್ದು. ತಪ್ಪಿದಲ್ಲಿ ದಾವೆಯನ್ನು ಏಕಪಕ್ಷೀಯವಾಗಿ ತೀರ್ಮಾನಿಸಲಾಗುವುದು.
ಅರ್ಜಿದಾರರು ಪ್ರತಿವಾದಿಗಳ ವಿರುದ್ಧ ದಾವೆ ಹೂಡಿರುತ್ತಾರೆ. ತಾವು ದಿನಾಂಕ 14-10-2025 ರಂದು ಬೆಳಿಗ್ಗೆ 11 ಗಂಟೆಗೆ ನ್ಯಾಯಾಲಯದಲ್ಲಿ ಖುದ್ದಾಗಿ ಅಥವಾ ವಕೀಲರ ಮೂಲಕ ಹಾಜರಾಗತಕ್ಕದ್ದು. ತಪ್ಪಿದಲ್ಲಿ ದಾವೆಯನ್ನು ಏಕಪಕ್ಷೀಯವಾಗಿ ತೀರ್ಮಾನಿಸಲಾಗುವುದು.
ಅರ್ಜಿದಾರರು ಪ್ರತಿವಾದಿಗಳ ವಿರುದ್ಧ ದಾವೆ ಹೂಡಿರುತ್ತಾರೆ. ತಾವು ದಿನಾಂಕ 14-10-2025 ರಂದು ಬೆಳಿಗ್ಗೆ 11 ಗಂಟೆಗೆ ನ್ಯಾಯಾಲಯದಲ್ಲಿ ಖುದ್ದಾಗಿ ಅಥವಾ ವಕೀಲರ ಮೂಲಕ ಹಾಜರಾಗತಕ್ಕದ್ದು. ತಪ್ಪಿದಲ್ಲಿ ದಾವೆಯನ್ನು ಏಕಪಕ್ಷೀಯವಾಗಿ ತೀರ್ಮಾನಿಸಲಾಗುವುದು.
ಅರ್ಜಿದಾರರು ಪ್ರತಿವಾದಿಗಳ ವಿರುದ್ಧ ದಾವೆ ಹೂಡಿರುತ್ತಾರೆ. ತಾವು ದಿನಾಂಕ 14-10-2025 ರಂದು ಬೆಳಿಗ್ಗೆ 11 ಗಂಟೆಗೆ ನ್ಯಾಯಾಲಯದಲ್ಲಿ ಖುದ್ದಾಗಿ ಅಥವಾ ವಕೀಲರ ಮೂಲಕ ಹಾಜರಾಗತಕ್ಕದ್ದು. ತಪ್ಪಿದಲ್ಲಿ ದಾವೆಯನ್ನು ಏಕಪಕ್ಷೀಯವಾಗಿ ತೀರ್ಮಾನಿಸಲಾಗುವುದು.
ನ್ಯಾಯಾಲಯದ ಆದೇಶದ ಮೇರೆಗೆ, ಶಿರಸ್ತೇದಾರರು, ಚನ್ನಗಿರಿ
